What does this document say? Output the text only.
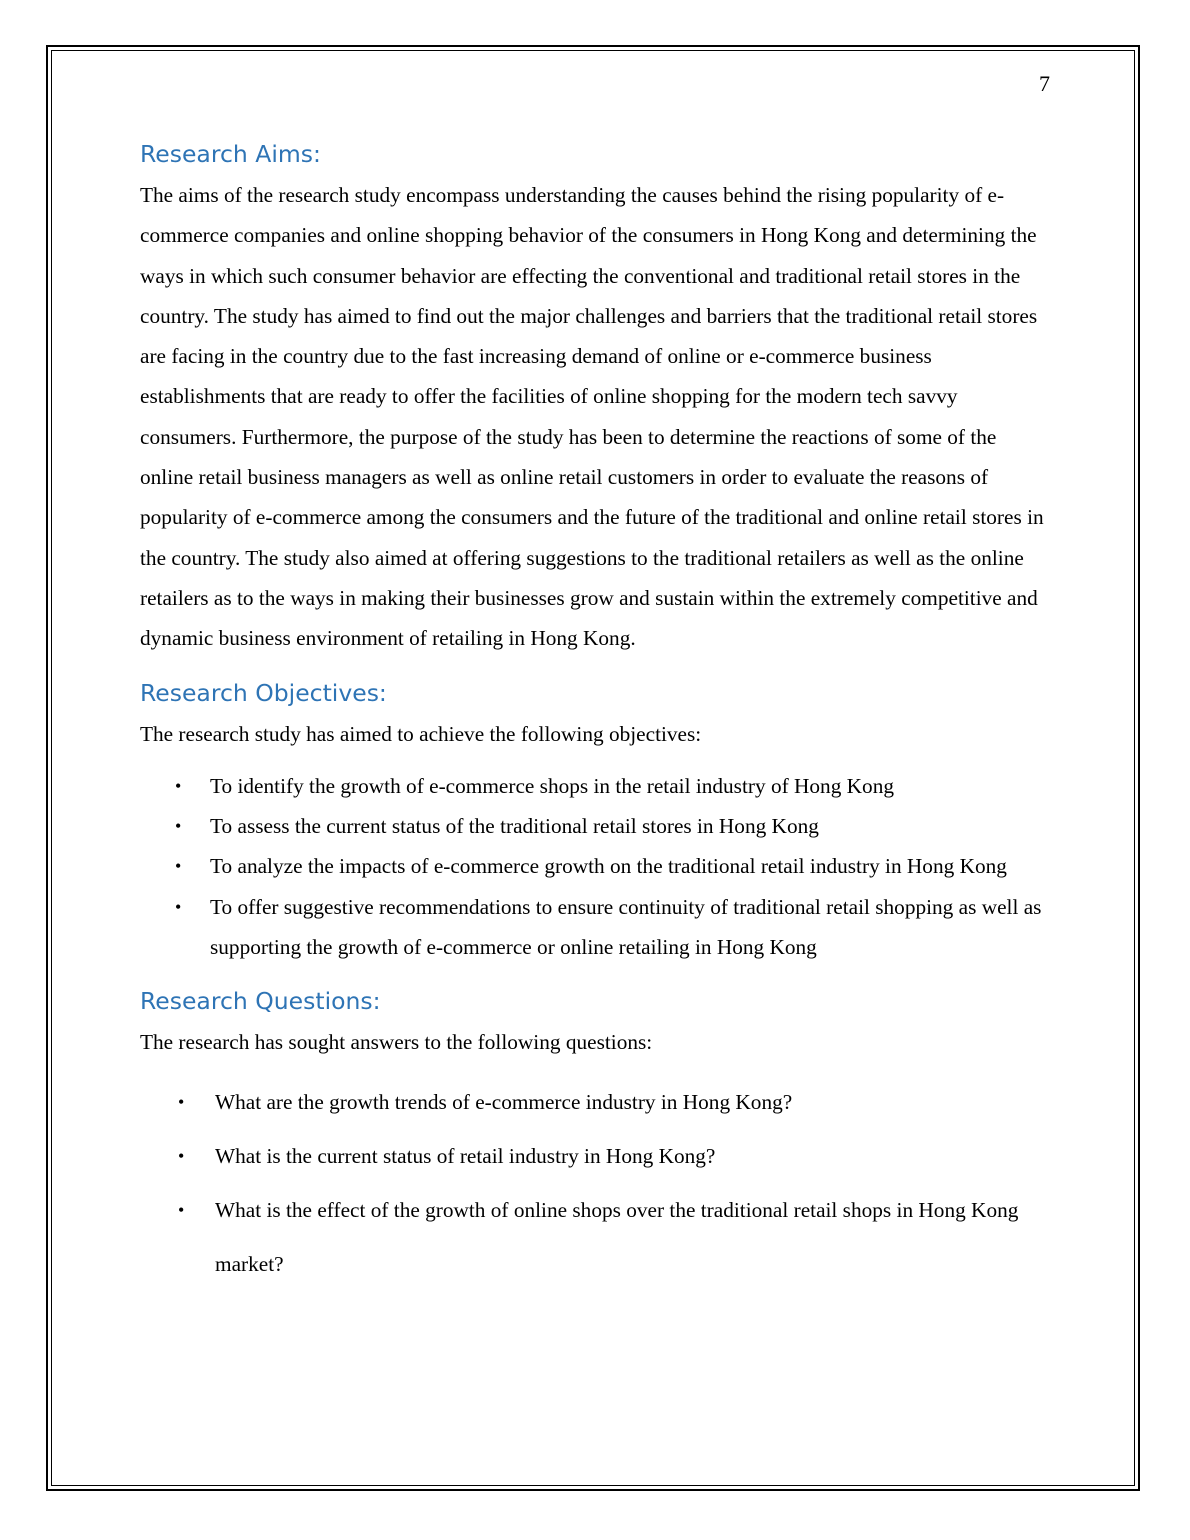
7
Research Aims:

The aims of the research study encompass understanding the causes behind the rising popularity of e-commerce companies and online shopping behavior of the consumers in Hong Kong and determining the ways in which such consumer behavior are effecting the conventional and traditional retail stores in the country. The study has aimed to find out the major challenges and barriers that the traditional retail stores are facing in the country due to the fast increasing demand of online or e-commerce business establishments that are ready to offer the facilities of online shopping for the modern tech savvy consumers. Furthermore, the purpose of the study has been to determine the reactions of some of the online retail business managers as well as online retail customers in order to evaluate the reasons of popularity of e-commerce among the consumers and the future of the traditional and online retail stores in the country. The study also aimed at offering suggestions to the traditional retailers as well as the online retailers as to the ways in making their businesses grow and sustain within the extremely competitive and dynamic business environment of retailing in Hong Kong.

Research Objectives:

The research study has aimed to achieve the following objectives:

• To identify the growth of e-commerce shops in the retail industry of Hong Kong
• To assess the current status of the traditional retail stores in Hong Kong
• To analyze the impacts of e-commerce growth on the traditional retail industry in Hong Kong
• To offer suggestive recommendations to ensure continuity of traditional retail shopping as well as supporting the growth of e-commerce or online retailing in Hong Kong
Research Questions:

The research has sought answers to the following questions:

• What are the growth trends of e-commerce industry in Hong Kong?
• What is the current status of retail industry in Hong Kong?
• What is the effect of the growth of online shops over the traditional retail shops in Hong Kong market?
